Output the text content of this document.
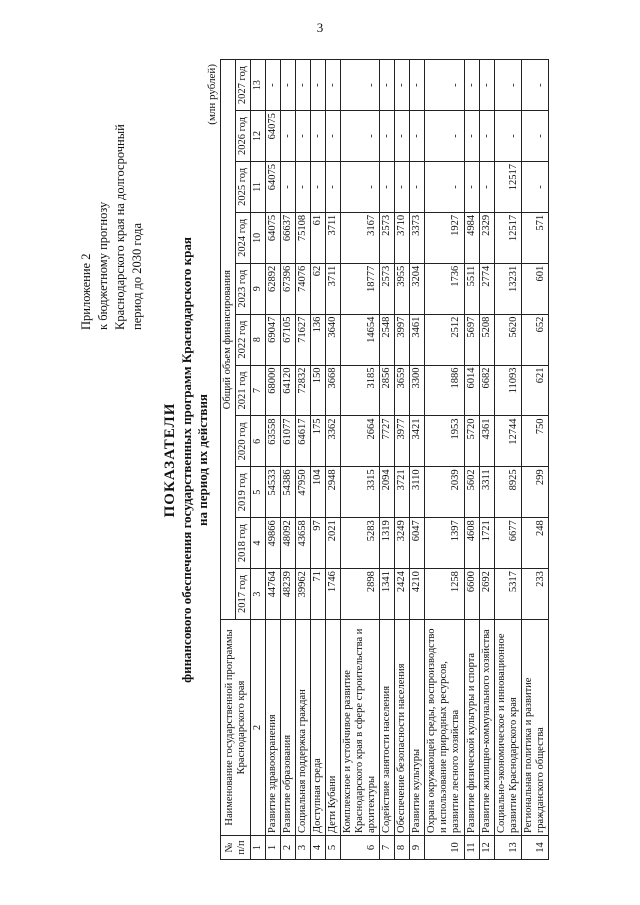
3
Приложение 2 к бюджетному прогнозу Краснодарского края на долгосрочный период до 2030 года
ПОКАЗАТЕЛИ финансового обеспечения государственных программ Краснодарского края на период их действия
(млн рублей)
№ п/п	Наименование государственной программы Краснодарского края	Общий объем финансирования										
		2017 год	2018 год	2019 год	2020 год	2021 год	2022 год	2023 год	2024 год	2025 год	2026 год	2027 год
1	2	3	4	5	6	7	8	9	10	11	12	13
1	Развитие здравоохранения	44764	49866	54533	63558	68000	69047	62892	64075	64075	64075	-
2	Развитие образования	48239	48092	54386	61077	64120	67105	67396	66637	-	-	-
3	Социальная поддержка граждан	39962	43658	47950	64617	72832	71627	74076	75108	-	-	-
4	Доступная среда	71	97	104	175	150	136	62	61	-	-	-
5	Дети Кубани	1746	2021	2948	3362	3668	3640	3711	3711	-	-	-
6	Комплексное и устойчивое развитие Краснодарского края в сфере строительства и архитектуры	2898	5283	3315	2664	3185	14654	18777	3167	-	-	-
7	Содействие занятости населения	1341	1319	2094	7727	2856	2548	2573	2573	-	-	-
8	Обеспечение безопасности населения	2424	3249	3721	3977	3659	3997	3955	3710	-	-	-
9	Развитие культуры	4210	6047	3110	3421	3300	3461	3204	3373	-	-	-
10	Охрана окружающей среды, воспроизводство и использование природных ресурсов, развитие лесного хозяйства	1258	1397	2039	1953	1886	2512	1736	1927	-	-	-
11	Развитие физической культуры и спорта	6600	4608	5602	5720	6014	5697	5511	4984	-	-	-
12	Развитие жилищно-коммунального хозяйства	2692	1721	3311	4361	6682	5208	2774	2329	-	-	-
13	Социально-экономическое и инновационное развитие Краснодарского края	5317	6677	8925	12744	11093	5620	13231	12517	12517	-	-
14	Региональная политика и развитие гражданского общества	233	248	299	750	621	652	601	571	-	-	-
